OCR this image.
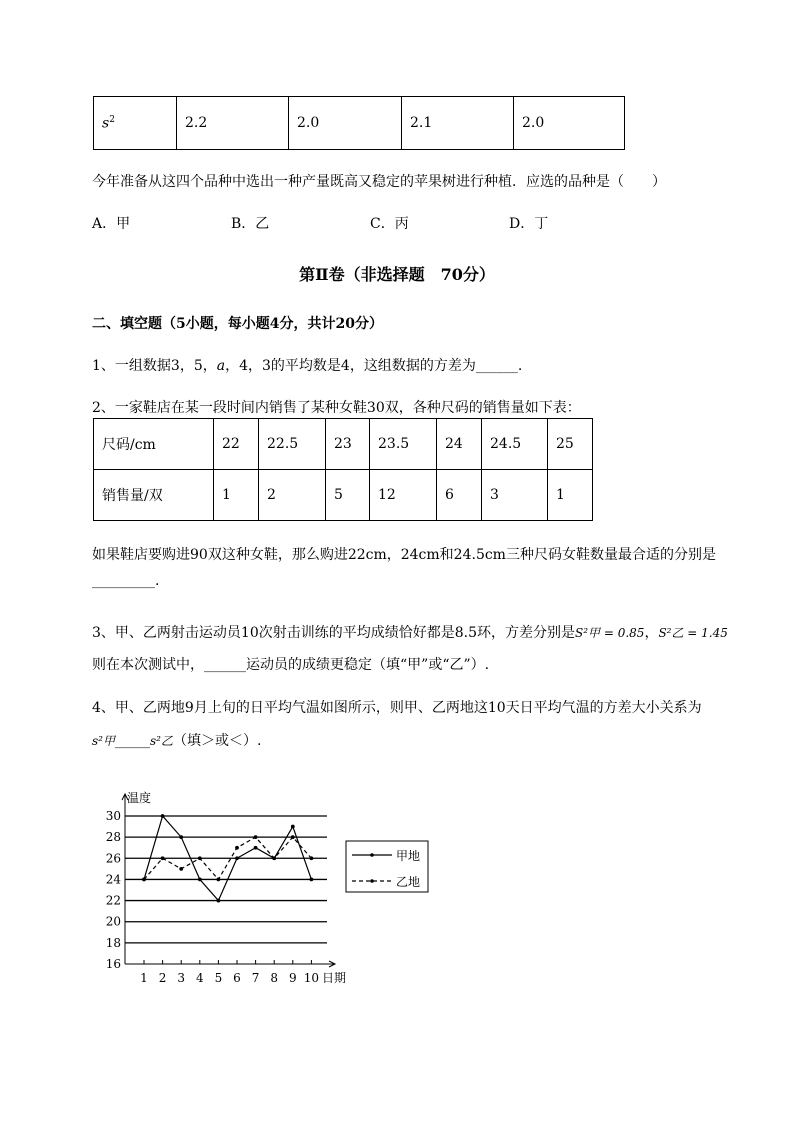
$s^2$	2.2	2.0	2.1	2.0
今年准备从这四个品种中选出一种产量既高又稳定的苹果树进行种植．应选的品种是（　　）
A．甲	B．乙	C．丙	D．丁
第Ⅱ卷（非选择题　70分）
二、填空题（5小题，每小题4分，共计20分）
1、一组数据3，5，a，4，3的平均数是4，这组数据的方差为______.
2、一家鞋店在某一段时间内销售了某种女鞋30双，各种尺码的销售量如下表：
尺码/cm	22	22.5	23	23.5	24	24.5	25
销售量/双	1	2	5	12	6	3	1
如果鞋店要购进90双这种女鞋，那么购进22cm，24cm和24.5cm三种尺码女鞋数量最合适的分别是
_________.
3、甲、乙两射击运动员10次射击训练的平均成绩恰好都是8.5环，方差分别是S²甲 = 0.85，S²乙 = 1.45
则在本次测试中，______运动员的成绩更稳定（填“甲”或“乙”）.
4、甲、乙两地9月上旬的日平均气温如图所示，则甲、乙两地这10天日平均气温的方差大小关系为
s²甲_____s²乙（填＞或＜）.
16
18
20
22
24
26
28
30
1 2 3 4 5 6 7 8 9 10
温度
日期
甲地
乙地
